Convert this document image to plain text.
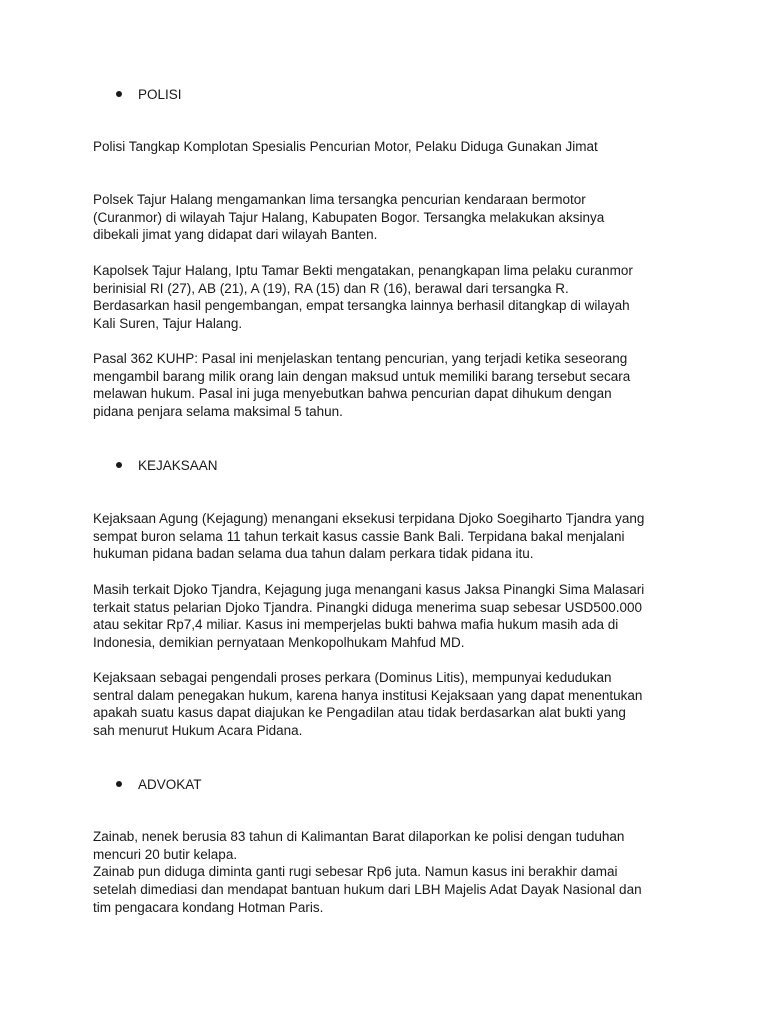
POLISI
Polisi Tangkap Komplotan Spesialis Pencurian Motor, Pelaku Diduga Gunakan Jimat
Polsek Tajur Halang mengamankan lima tersangka pencurian kendaraan bermotor
(Curanmor) di wilayah Tajur Halang, Kabupaten Bogor. Tersangka melakukan aksinya
dibekali jimat yang didapat dari wilayah Banten.
Kapolsek Tajur Halang, Iptu Tamar Bekti mengatakan, penangkapan lima pelaku curanmor
berinisial RI (27), AB (21), A (19), RA (15) dan R (16), berawal dari tersangka R.
Berdasarkan hasil pengembangan, empat tersangka lainnya berhasil ditangkap di wilayah
Kali Suren, Tajur Halang.
Pasal 362 KUHP: Pasal ini menjelaskan tentang pencurian, yang terjadi ketika seseorang
mengambil barang milik orang lain dengan maksud untuk memiliki barang tersebut secara
melawan hukum. Pasal ini juga menyebutkan bahwa pencurian dapat dihukum dengan
pidana penjara selama maksimal 5 tahun.
KEJAKSAAN
Kejaksaan Agung (Kejagung) menangani eksekusi terpidana Djoko Soegiharto Tjandra yang
sempat buron selama 11 tahun terkait kasus cassie Bank Bali. Terpidana bakal menjalani
hukuman pidana badan selama dua tahun dalam perkara tidak pidana itu.
Masih terkait Djoko Tjandra, Kejagung juga menangani kasus Jaksa Pinangki Sima Malasari
terkait status pelarian Djoko Tjandra. Pinangki diduga menerima suap sebesar USD500.000
atau sekitar Rp7,4 miliar. Kasus ini memperjelas bukti bahwa mafia hukum masih ada di
Indonesia, demikian pernyataan Menkopolhukam Mahfud MD.
Kejaksaan sebagai pengendali proses perkara (Dominus Litis), mempunyai kedudukan
sentral dalam penegakan hukum, karena hanya institusi Kejaksaan yang dapat menentukan
apakah suatu kasus dapat diajukan ke Pengadilan atau tidak berdasarkan alat bukti yang
sah menurut Hukum Acara Pidana.
ADVOKAT
Zainab, nenek berusia 83 tahun di Kalimantan Barat dilaporkan ke polisi dengan tuduhan
mencuri 20 butir kelapa.
Zainab pun diduga diminta ganti rugi sebesar Rp6 juta. Namun kasus ini berakhir damai
setelah dimediasi dan mendapat bantuan hukum dari LBH Majelis Adat Dayak Nasional dan
tim pengacara kondang Hotman Paris.
